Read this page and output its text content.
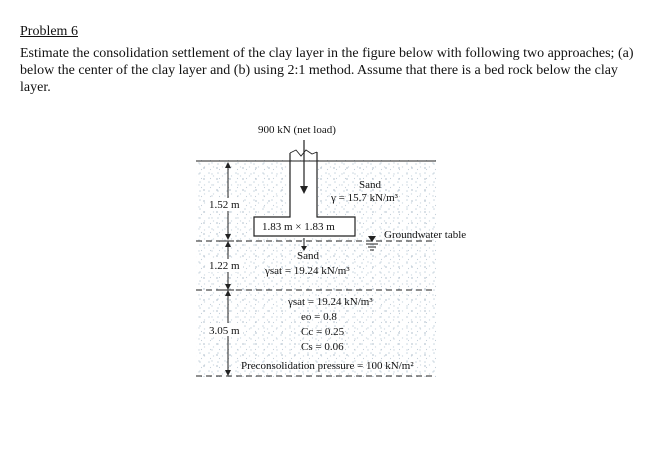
Problem 6
Estimate the consolidation settlement of the clay layer in the figure below with following two approaches; (a) below the center of the clay layer and (b) using 2:1 method. Assume that there is a bed rock below the clay layer.
900 kN (net load)
1.83 m × 1.83 m
1.52 m
1.22 m
3.05 m
Sand
γ = 15.7 kN/m³
Groundwater table
Sand
γsat = 19.24 kN/m³
γsat = 19.24 kN/m³
eo = 0.8
Cc = 0.25
Cs = 0.06
Preconsolidation pressure = 100 kN/m²
